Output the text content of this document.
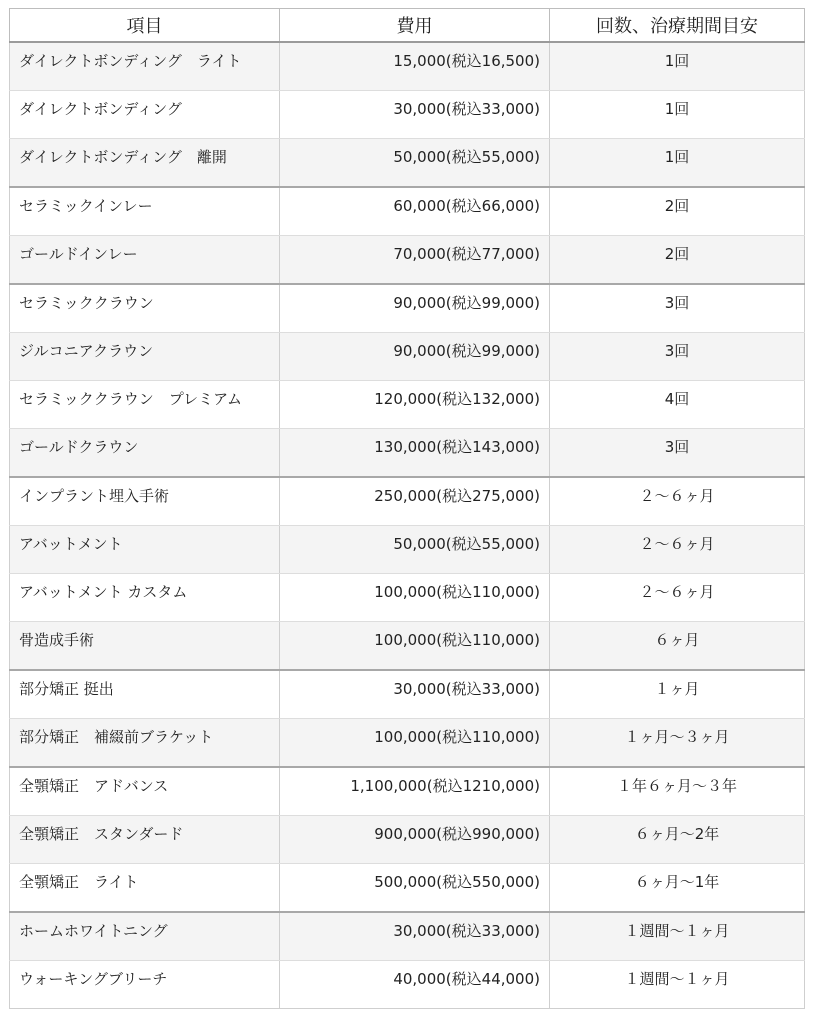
項目	費用	回数、治療期間目安

ダイレクトボンディング　ライト	15,000(税込16,500)	1回

ダイレクトボンディング	30,000(税込33,000)	1回

ダイレクトボンディング　離開	50,000(税込55,000)	1回

セラミックインレー	60,000(税込66,000)	2回

ゴールドインレー	70,000(税込77,000)	2回

セラミッククラウン	90,000(税込99,000)	3回

ジルコニアクラウン	90,000(税込99,000)	3回

セラミッククラウン　プレミアム	120,000(税込132,000)	4回

ゴールドクラウン	130,000(税込143,000)	3回

インプラント埋入手術	250,000(税込275,000)	２～６ヶ月

アバットメント	50,000(税込55,000)	２～６ヶ月

アバットメント カスタム	100,000(税込110,000)	２～６ヶ月

骨造成手術	100,000(税込110,000)	６ヶ月

部分矯正 挺出	30,000(税込33,000)	１ヶ月

部分矯正　補綴前ブラケット	100,000(税込110,000)	１ヶ月～３ヶ月

全顎矯正　アドバンス	1,100,000(税込1210,000)	１年６ヶ月～３年

全顎矯正　スタンダード	900,000(税込990,000)	６ヶ月～2年

全顎矯正　ライト	500,000(税込550,000)	６ヶ月～1年

ホームホワイトニング	30,000(税込33,000)	１週間～１ヶ月

ウォーキングブリーチ	40,000(税込44,000)	１週間～１ヶ月
